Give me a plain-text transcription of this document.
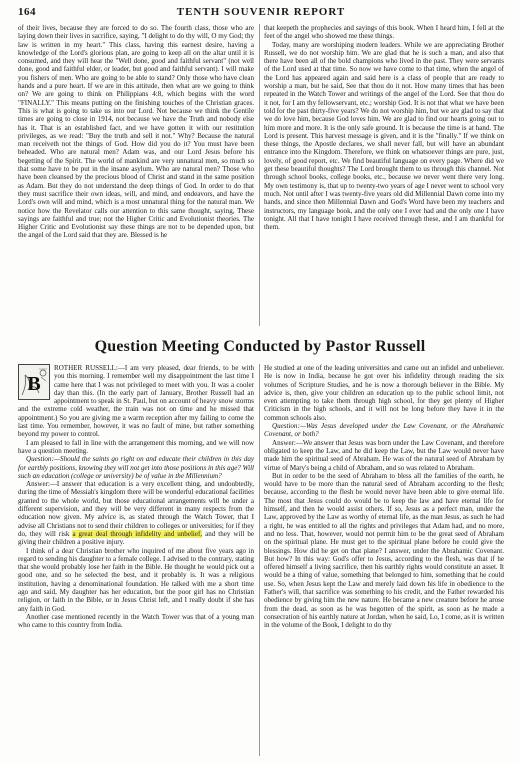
164	TENTH SOUVENIR REPORT

of their lives, because they are forced to do so. The fourth class, those who are laying down their lives in sacrifice, saying, "I delight to do thy will, O my God; thy law is written in my heart." This class, having this earnest desire, having a knowledge of the Lord's glorious plan, are going to keep all on the altar until it is consumed, and they will hear the "Well done, good and faithful servant" (not well done, good and faithful elder, or leader, but good and faithful servant). I will make you fishers of men. Who are going to be able to stand? Only those who have clean hands and a pure heart. If we are in this attitude, then what are we going to think on? We are going to think on Philippians 4:8, which begins with the word "FINALLY." This means putting on the finishing touches of the Christian graces. This is what is going to take us into our Lord. Not because we think the Gentile times are going to close in 1914, not because we have the Truth and nobody else has it. That is an established fact, and we have gotten it with our restitution privileges, as we read: "Buy the truth and sell it not." Why? Because the natural man receiveth not the things of God. How did you do it? You must have been beheaded. Who are natural men? Adam was, and our Lord Jesus before his begetting of the Spirit. The world of mankind are very unnatural men, so much so that some have to be put in the insane asylum. Who are natural men? Those who have been cleansed by the precious blood of Christ and stand in the same position as Adam. But they do not understand the deep things of God. In order to do that they must sacrifice their own ideas, will, and mind, and endeavors, and have the Lord's own will and mind, which is a most unnatural thing for the natural man. We notice how the Revelator calls our attention to this same thought, saying, These sayings are faithful and true; not the Higher Critic and Evolutionist theories. The Higher Critic and Evolutionist say these things are not to be depended upon, but the angel of the Lord said that they are. Blessed is he

that keepeth the prophecies and sayings of this book. When I heard him, I fell at the feet of the angel who showed me these things.

Today, many are worshiping modern leaders. While we are appreciating Brother Russell, we do not worship him. We are glad that he is such a man, and also that there have been all of the bold champions who lived in the past. They were servants of the Lord used at that time. So now we have come to that time, when the angel of the Lord has appeared again and said here is a class of people that are ready to worship a man, but he said, See that thou do it not. How many times that has been repeated in the Watch Tower and writings of the angel of the Lord. See that thou do it not, for I am thy fellowservant, etc.; worship God. It is not that what we have been told for the past thirty-five years? We do not worship him, but we are glad to say that we do love him, because God loves him. We are glad to find our hearts going out to him more and more. It is the only safe ground. It is because the time is at hand. The Lord is present. This harvest message is given, and it is the "finally." If we think on these things, the Apostle declares, we shall never fall, but will have an abundant entrance into the Kingdom. Therefore, we think on whatsoever things are pure, just, lovely, of good report, etc. We find beautiful language on every page. Where did we get these beautiful thoughts? The Lord brought them to us through this channel. Not through school books, college books, etc., because we never went there very long. My own testimony is, that up to twenty-two years of age I never went to school very much. Not until after I was twenty-five years old did Millennial Dawn come into my hands, and since then Millennial Dawn and God's Word have been my teachers and instructors, my language book, and the only one I ever had and the only one I have tonight. All that I have tonight I have received through these, and I am thankful for them.

Question Meeting Conducted by Pastor Russell
B

ROTHER RUSSELL:—I am very pleased, dear friends, to be with you this morning. I remember well my disappointment the last time I came here that I was not privileged to meet with you. It was a cooler day than this. (In the early part of January, Brother Russell had an appointment to speak in St. Paul, but on account of heavy snow storms and the extreme cold weather, the train was not on time and he missed that appointment.) So you are giving me a warm reception after my failing to come the last time. You remember, however, it was no fault of mine, but rather something beyond my power to control.

I am pleased to fall in line with the arrangement this morning, and we will now have a question meeting.

Question:—Should the saints go right on and educate their children in this day for earthly positions, knowing they will not get into those positions in this age? Will such an education (college or university) be of value in the Millennium?

Answer:—I answer that education is a very excellent thing, and undoubtedly, during the time of Messiah's kingdom there will be wonderful educational facilities granted to the whole world, but those educational arrangements will be under a different supervision, and they will be very different in many respects from the education now given. My advice is, as stated through the Watch Tower, that I advise all Christians not to send their children to colleges or universities; for if they do, they will risk a great deal through infidelity and unbelief, and they will be giving their children a positive injury.

I think of a dear Christian brother who inquired of me about five years ago in regard to sending his daughter to a female college. I advised to the contrary, stating that she would probably lose her faith in the Bible. He thought he would pick out a good one, and so he selected the best, and it probably is. It was a religious institution, having a denominational foundation. He talked with me a short time ago and said, My daughter has her education, but the poor girl has no Christian religion, or faith in the Bible, or in Jesus Christ left, and I really doubt if she has any faith in God.

Another case mentioned recently in the Watch Tower was that of a young man who came to this country from India.

He studied at one of the leading universities and came out an infidel and unbeliever. He is now in India, because he got over his infidelity through reading the six volumes of Scripture Studies, and he is now a thorough believer in the Bible. My advice is, then, give your children an education up to the public school limit, not even attempting to take them through high school, for they get plenty of Higher Criticism in the high schools, and it will not be long before they have it in the common schools also.

Question:—Was Jesus developed under the Law Covenant, or the Abrahamic Covenant, or both?

Answer:—We answer that Jesus was born under the Law Covenant, and therefore obligated to keep the Law, and he did keep the Law, but the Law would never have made him the spiritual seed of Abraham. He was of the natural seed of Abraham by virtue of Mary's being a child of Abraham, and so was related to Abraham.

But in order to be the seed of Abraham to bless all the families of the earth, he would have to be more than the natural seed of Abraham according to the flesh; because, according to the flesh he would never have been able to give eternal life. The most that Jesus could do would be to keep the law and have eternal life for himself, and then he would assist others. If so, Jesus as a perfect man, under the Law, approved by the Law as worthy of eternal life, as the man Jesus, as such he had a right, he was entitled to all the rights and privileges that Adam had, and no more, and no less. That, however, would not permit him to be the great seed of Abraham on the spiritual plane. He must get to the spiritual plane before he could give the blessings. How did he get on that plane? I answer, under the Abrahamic Covenant. But how? In this way: God's offer to Jesus, according to the flesh, was that if he offered himself a living sacrifice, then his earthly rights would constitute an asset. It would be a thing of value, something that belonged to him, something that he could use. So, when Jesus kept the Law and merely laid down his life in obedience to the Father's will, that sacrifice was something to his credit, and the Father rewarded his obedience by giving him the new nature. He became a new creature before he arose from the dead, as soon as he was begotten of the spirit, as soon as he made a consecration of his earthly nature at Jordan, when he said, Lo, I come, as it is written in the volume of the Book, I delight to do thy
